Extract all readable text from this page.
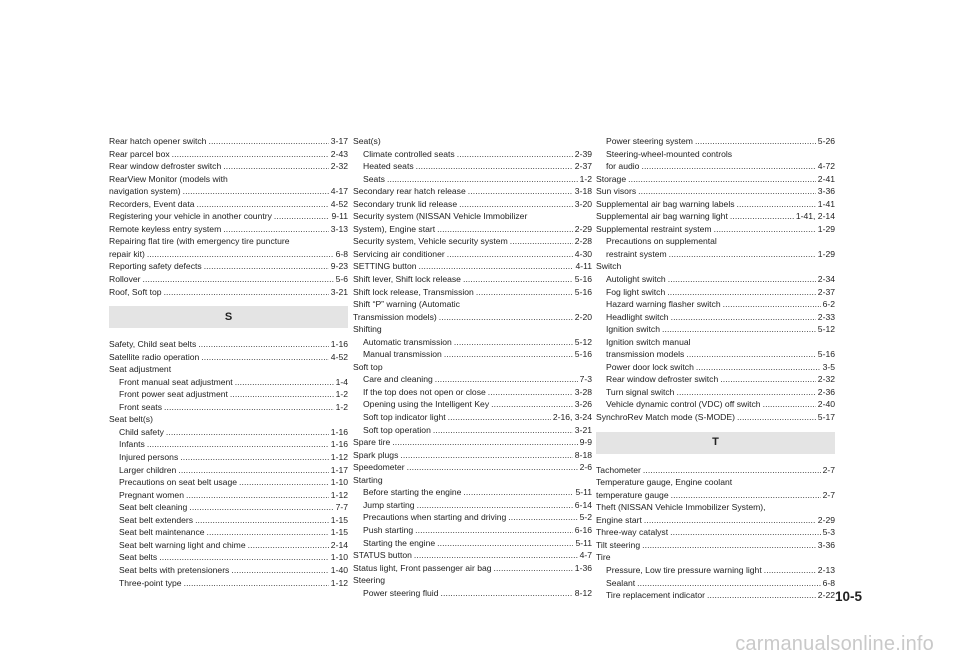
Rear hatch opener switch .....	3-17
Rear parcel box .....	2-43
Rear window defroster switch .....	2-32
RearView Monitor (models with
navigation system) .....	4-17
Recorders, Event data .....	4-52
Registering your vehicle in another country .....	9-11
Remote keyless entry system .....	3-13
Repairing flat tire (with emergency tire puncture
repair kit) .....	6-8
Reporting safety defects .....	9-23
Rollover .....	5-6
Roof, Soft top .....	3-21
S
Safety, Child seat belts .....	1-16
Satellite radio operation .....	4-52
Seat adjustment
Front manual seat adjustment .....	1-4
Front power seat adjustment .....	1-2
Front seats .....	1-2
Seat belt(s)
Child safety .....	1-16
Infants .....	1-16
Injured persons .....	1-12
Larger children .....	1-17
Precautions on seat belt usage .....	1-10
Pregnant women .....	1-12
Seat belt cleaning .....	7-7
Seat belt extenders .....	1-15
Seat belt maintenance .....	1-15
Seat belt warning light and chime .....	2-14
Seat belts .....	1-10
Seat belts with pretensioners .....	1-40
Three-point type .....	1-12
Seat(s)
Climate controlled seats .....	2-39
Heated seats .....	2-37
Seats .....	1-2
Secondary rear hatch release .....	3-18
Secondary trunk lid release .....	3-20
Security system (NISSAN Vehicle Immobilizer
System), Engine start .....	2-29
Security system, Vehicle security system .....	2-28
Servicing air conditioner .....	4-30
SETTING button .....	4-11
Shift lever, Shift lock release .....	5-16
Shift lock release, Transmission .....	5-16
Shift “P” warning (Automatic
Transmission models) .....	2-20
Shifting
Automatic transmission .....	5-12
Manual transmission .....	5-16
Soft top
Care and cleaning .....	7-3
If the top does not open or close .....	3-28
Opening using the Intelligent Key .....	3-26
Soft top indicator light .....	2-16, 3-24
Soft top operation .....	3-21
Spare tire .....	9-9
Spark plugs .....	8-18
Speedometer .....	2-6
Starting
Before starting the engine .....	5-11
Jump starting .....	6-14
Precautions when starting and driving .....	5-2
Push starting .....	6-16
Starting the engine .....	5-11
STATUS button .....	4-7
Status light, Front passenger air bag .....	1-36
Steering
Power steering fluid .....	8-12
Power steering system .....	5-26
Steering-wheel-mounted controls
for audio .....	4-72
Storage .....	2-41
Sun visors .....	3-36
Supplemental air bag warning labels .....	1-41
Supplemental air bag warning light .....	1-41, 2-14
Supplemental restraint system .....	1-29
Precautions on supplemental
restraint system .....	1-29
Switch
Autolight switch .....	2-34
Fog light switch .....	2-37
Hazard warning flasher switch .....	6-2
Headlight switch .....	2-33
Ignition switch .....	5-12
Ignition switch manual
transmission models .....	5-16
Power door lock switch .....	3-5
Rear window defroster switch .....	2-32
Turn signal switch .....	2-36
Vehicle dynamic control (VDC) off switch .....	2-40
SynchroRev Match mode (S-MODE) .....	5-17
T
Tachometer .....	2-7
Temperature gauge, Engine coolant
temperature gauge .....	2-7
Theft (NISSAN Vehicle Immobilizer System),
Engine start .....	2-29
Three-way catalyst .....	5-3
Tilt steering .....	3-36
Tire
Pressure, Low tire pressure warning light .....	2-13
Sealant .....	6-8
Tire replacement indicator .....	2-22 10-5
carmanualsonline.info
